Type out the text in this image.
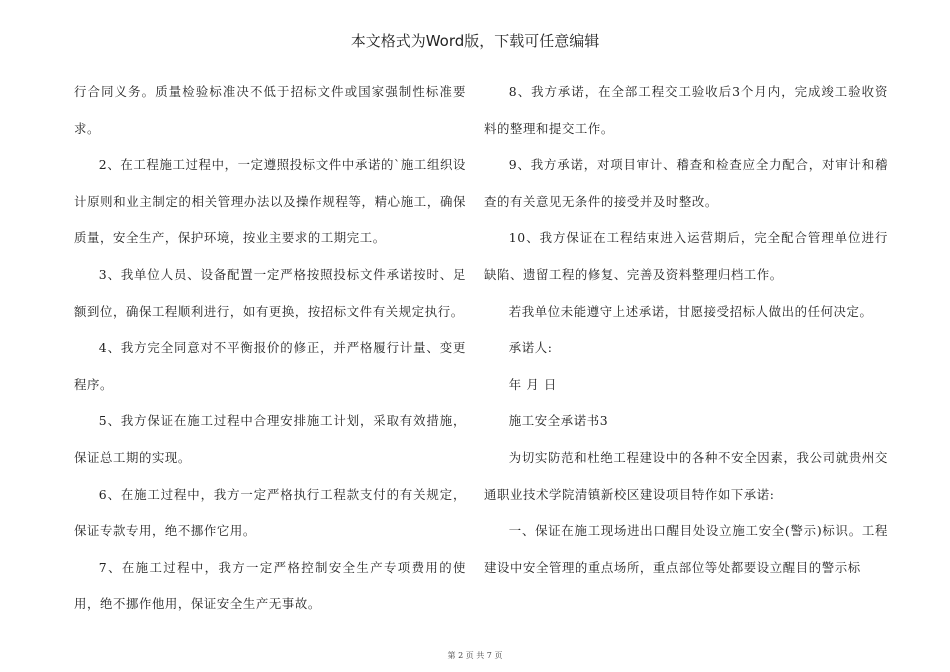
本文格式为Word版，下载可任意编辑

行合同义务。质量检验标准决不低于招标文件或国家强制性标准要求。

2、在工程施工过程中，一定遵照投标文件中承诺的`施工组织设计原则和业主制定的相关管理办法以及操作规程等，精心施工，确保质量，安全生产，保护环境，按业主要求的工期完工。

3、我单位人员、设备配置一定严格按照投标文件承诺按时、足额到位，确保工程顺利进行，如有更换，按招标文件有关规定执行。

4、我方完全同意对不平衡报价的修正，并严格履行计量、变更程序。

5、我方保证在施工过程中合理安排施工计划，采取有效措施，保证总工期的实现。

6、在施工过程中，我方一定严格执行工程款支付的有关规定，保证专款专用，绝不挪作它用。

7、在施工过程中，我方一定严格控制安全生产专项费用的使用，绝不挪作他用，保证安全生产无事故。

8、我方承诺，在全部工程交工验收后3个月内，完成竣工验收资料的整理和提交工作。

9、我方承诺，对项目审计、稽查和检查应全力配合，对审计和稽查的有关意见无条件的接受并及时整改。

10、我方保证在工程结束进入运营期后，完全配合管理单位进行缺陷、遗留工程的修复、完善及资料整理归档工作。

若我单位未能遵守上述承诺，甘愿接受招标人做出的任何决定。

承诺人:

年 月 日

施工安全承诺书3

为切实防范和杜绝工程建设中的各种不安全因素，我公司就贵州交通职业技术学院清镇新校区建设项目特作如下承诺:

一、保证在施工现场进出口醒目处设立施工安全(警示)标识。工程建设中安全管理的重点场所，重点部位等处都要设立醒目的警示标

第 2 页 共 7 页
